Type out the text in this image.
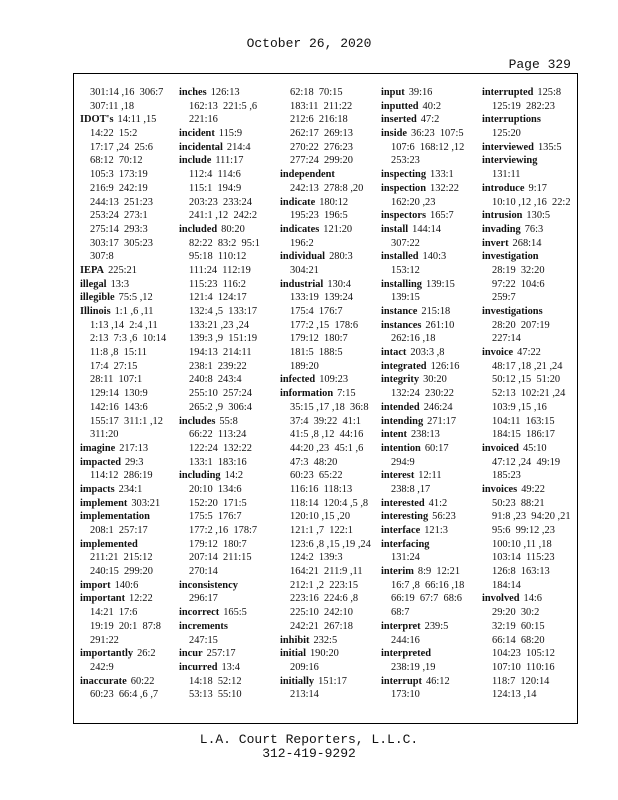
October 26, 2020
Page 329
301:14 ,16  306:7
307:11 ,18
IDOT's 14:11 ,15
14:22  15:2
17:17 ,24  25:6
68:12  70:12
105:3  173:19
216:9  242:19
244:13  251:23
253:24  273:1
275:14  293:3
303:17  305:23
307:8
IEPA 225:21
illegal 13:3
illegible 75:5 ,12
Illinois 1:1 ,6 ,11
1:13 ,14  2:4 ,11
2:13  7:3 ,6  10:14
11:8 ,8  15:11
17:4  27:15
28:11  107:1
129:14  130:9
142:16  143:6
155:17  311:1 ,12
311:20
imagine 217:13
impacted 29:3
114:12  286:19
impacts 234:1
implement 303:21
implementation
208:1  257:17
implemented
211:21  215:12
240:15  299:20
import 140:6
important 12:22
14:21  17:6
19:19  20:1  87:8
291:22
importantly 26:2
242:9
inaccurate 60:22
60:23  66:4 ,6 ,7
inches 126:13
162:13  221:5 ,6
221:16
incident 115:9
incidental 214:4
include 111:17
112:4  114:6
115:1  194:9
203:23  233:24
241:1 ,12  242:2
included 80:20
82:22  83:2  95:1
95:18  110:12
111:24  112:19
115:23  116:2
121:4  124:17
132:4 ,5  133:17
133:21 ,23 ,24
139:3 ,9  151:19
194:13  214:11
238:1  239:22
240:8  243:4
255:10  257:24
265:2 ,9  306:4
includes 55:8
66:22  113:24
122:24  132:22
133:1  183:16
including 14:2
20:10  134:6
152:20  171:5
175:5  176:7
177:2 ,16  178:7
179:12  180:7
207:14  211:15
270:14
inconsistency
296:17
incorrect 165:5
increments
247:15
incur 257:17
incurred 13:4
14:18  52:12
53:13  55:10
62:18  70:15
183:11  211:22
212:6  216:18
262:17  269:13
270:22  276:23
277:24  299:20
independent
242:13  278:8 ,20
indicate 180:12
195:23  196:5
indicates 121:20
196:2
individual 280:3
304:21
industrial 130:4
133:19  139:24
175:4  176:7
177:2 ,15  178:6
179:12  180:7
181:5  188:5
189:20
infected 109:23
information 7:15
35:15 ,17 ,18  36:8
37:4  39:22  41:1
41:5 ,8 ,12  44:16
44:20 ,23  45:1 ,6
47:3  48:20
60:23  65:22
116:16  118:13
118:14  120:4 ,5 ,8
120:10 ,15 ,20
121:1 ,7  122:1
123:6 ,8 ,15 ,19 ,24
124:2  139:3
164:21  211:9 ,11
212:1 ,2  223:15
223:16  224:6 ,8
225:10  242:10
242:21  267:18
inhibit 232:5
initial 190:20
209:16
initially 151:17
213:14
input 39:16
inputted 40:2
inserted 47:2
inside 36:23  107:5
107:6  168:12 ,12
253:23
inspecting 133:1
inspection 132:22
162:20 ,23
inspectors 165:7
install 144:14
307:22
installed 140:3
153:12
installing 139:15
139:15
instance 215:18
instances 261:10
262:16 ,18
intact 203:3 ,8
integrated 126:16
integrity 30:20
132:24  230:22
intended 246:24
intending 271:17
intent 238:13
intention 60:17
294:9
interest 12:11
238:8 ,17
interested 41:2
interesting 56:23
interface 121:3
interfacing
131:24
interim 8:9  12:21
16:7 ,8  66:16 ,18
66:19  67:7  68:6
68:7
interpret 239:5
244:16
interpreted
238:19 ,19
interrupt 46:12
173:10
interrupted 125:8
125:19  282:23
interruptions
125:20
interviewed 135:5
interviewing
131:11
introduce 9:17
10:10 ,12 ,16  22:2
intrusion 130:5
invading 76:3
invert 268:14
investigation
28:19  32:20
97:22  104:6
259:7
investigations
28:20  207:19
227:14
invoice 47:22
48:17 ,18 ,21 ,24
50:12 ,15  51:20
52:13  102:21 ,24
103:9 ,15 ,16
104:11  163:15
184:15  186:17
invoiced 45:10
47:12 ,24  49:19
185:23
invoices 49:22
50:23  88:21
91:8 ,23  94:20 ,21
95:6  99:12 ,23
100:10 ,11 ,18
103:14  115:23
126:8  163:13
184:14
involved 14:6
29:20  30:2
32:19  60:15
66:14  68:20
104:23  105:12
107:10  110:16
118:7  120:14
124:13 ,14
L.A. Court Reporters, L.L.C.
312-419-9292
